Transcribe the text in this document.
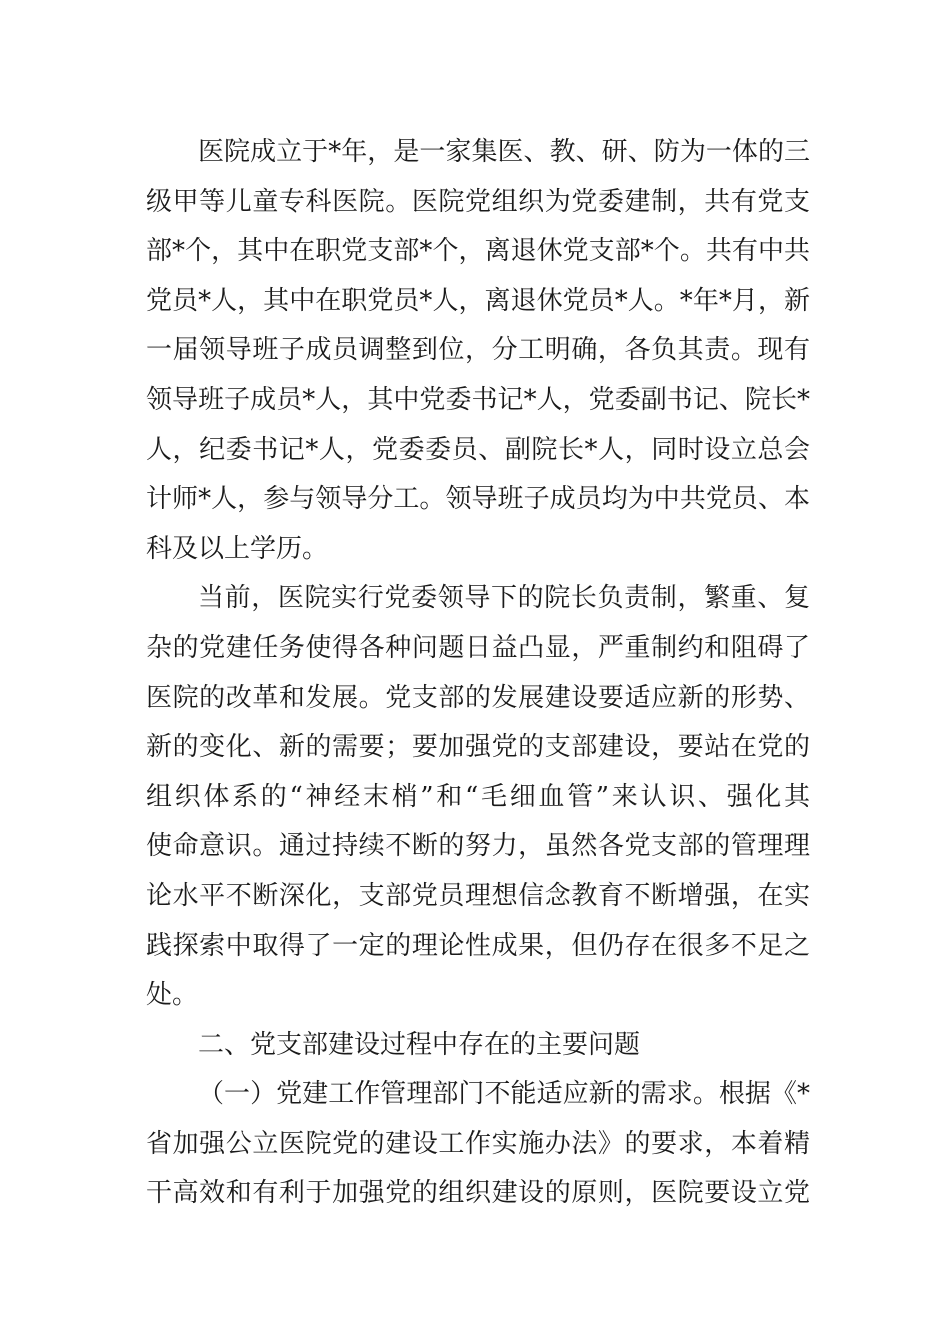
医院成立于*年，是一家集医、教、研、防为一体的三
级甲等儿童专科医院。医院党组织为党委建制，共有党支
部*个，其中在职党支部*个，离退休党支部*个。共有中共
党员*人，其中在职党员*人，离退休党员*人。*年*月，新
一届领导班子成员调整到位，分工明确，各负其责。现有
领导班子成员*人，其中党委书记*人，党委副书记、院长*
人，纪委书记*人，党委委员、副院长*人，同时设立总会
计师*人，参与领导分工。领导班子成员均为中共党员、本
科及以上学历。
当前，医院实行党委领导下的院长负责制，繁重、复
杂的党建任务使得各种问题日益凸显，严重制约和阻碍了
医院的改革和发展。党支部的发展建设要适应新的形势、
新的变化、新的需要；要加强党的支部建设，要站在党的
组织体系的“神经末梢”和“毛细血管”来认识、强化其
使命意识。通过持续不断的努力，虽然各党支部的管理理
论水平不断深化，支部党员理想信念教育不断增强，在实
践探索中取得了一定的理论性成果，但仍存在很多不足之
处。
二、党支部建设过程中存在的主要问题
（一）党建工作管理部门不能适应新的需求。根据《*
省加强公立医院党的建设工作实施办法》的要求，本着精
干高效和有利于加强党的组织建设的原则，医院要设立党
